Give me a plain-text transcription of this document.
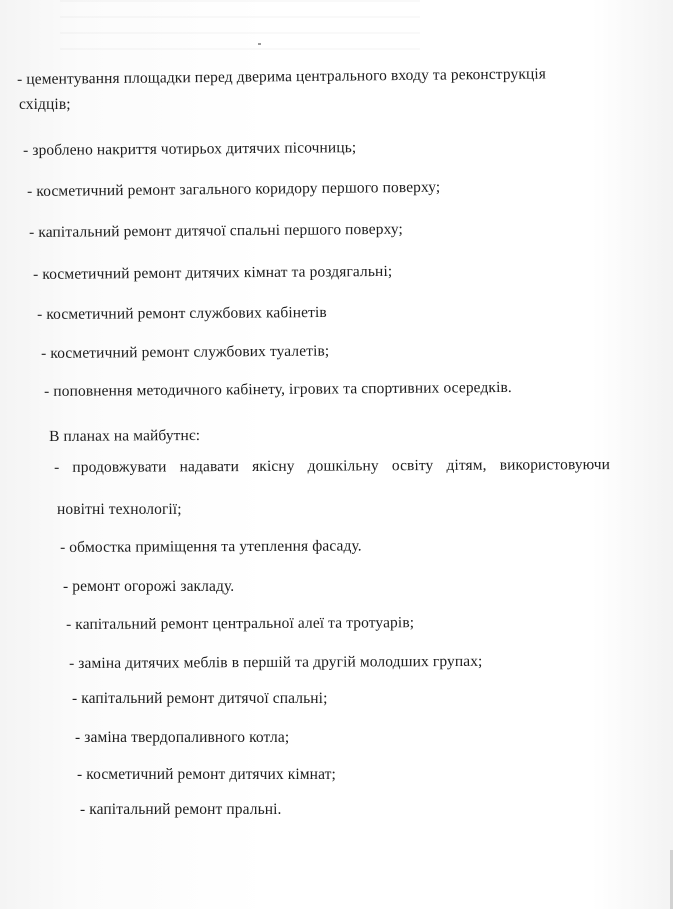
- цементування площадки перед дверима центрального входу та реконструкція
східців;
- зроблено накриття чотирьох дитячих пісочниць;
- косметичний ремонт загального коридору першого поверху;
- капітальний ремонт дитячої спальні першого поверху;
- косметичний ремонт дитячих кімнат та роздягальні;
- косметичний ремонт службових кабінетів
- косметичний ремонт службових туалетів;
- поповнення методичного кабінету, ігрових та спортивних осередків.
В планах на майбутнє:
- продовжувати надавати якісну дошкільну освіту дітям, використовуючи
новітні технології;
- обмостка приміщення та утеплення фасаду.
- ремонт огорожі закладу.
- капітальний ремонт центральної алеї та тротуарів;
- заміна дитячих меблів в першій та другій молодших групах;
- капітальний ремонт дитячої спальні;
- заміна твердопаливного котла;
- косметичний ремонт дитячих кімнат;
- капітальний ремонт пральні.
